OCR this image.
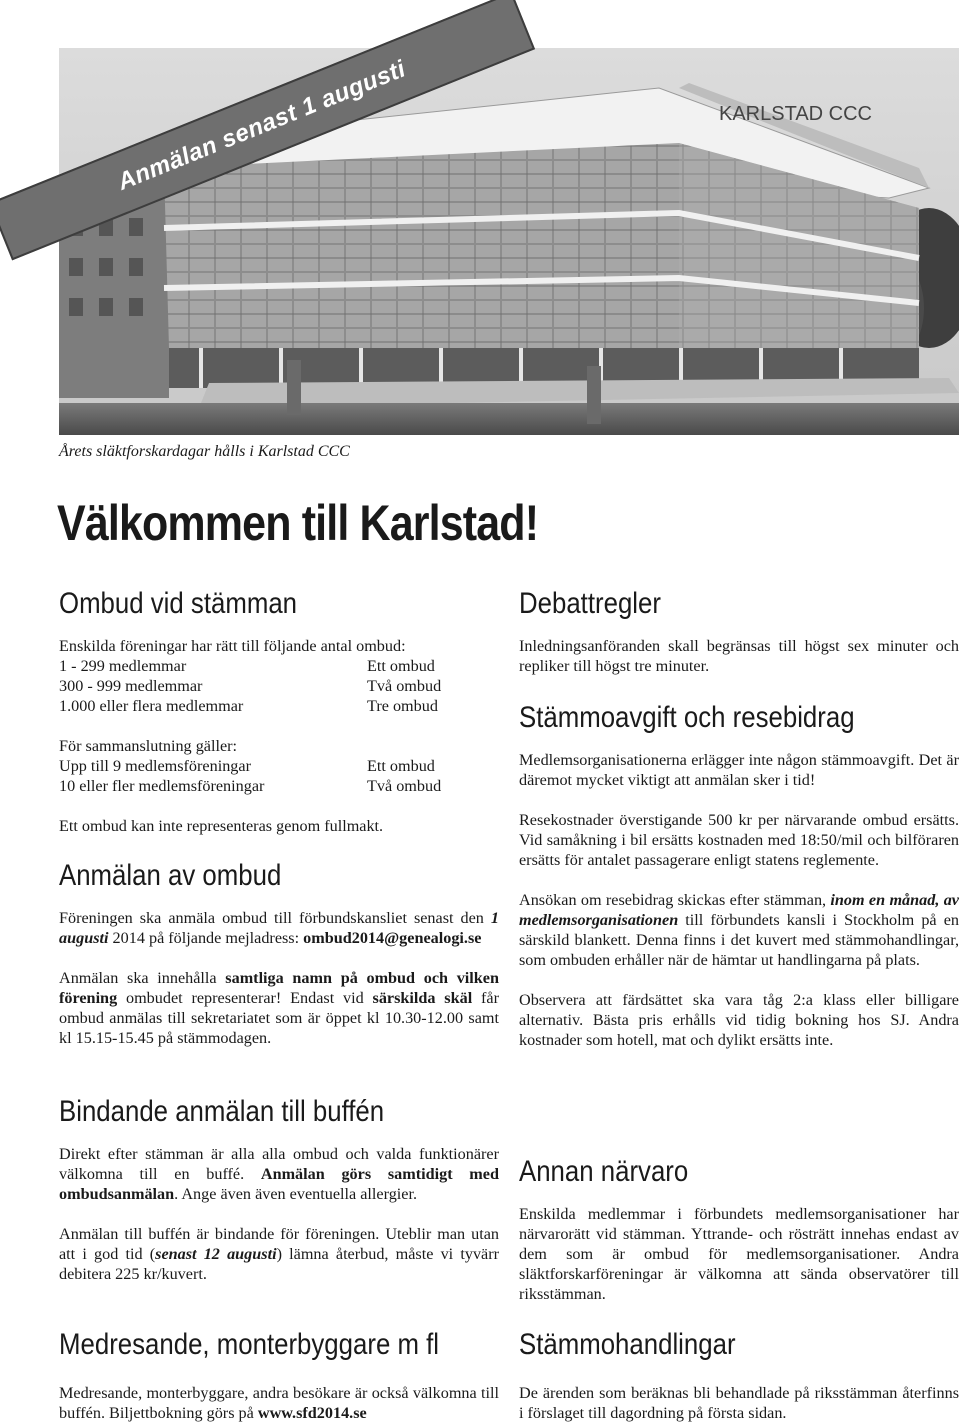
Anmälan senast 1 augusti	KARLSTAD CCC
Årets släktforskardagar hålls i Karlstad CCC
Välkommen till Karlstad!
Ombud vid stämman

Enskilda föreningar har rätt till följande antal ombud:

1 - 299 medlemmar	Ett ombud
300 - 999 medlemmar	Två ombud
1.000 eller flera medlemmar	Tre ombud

För sammanslutning gäller:

Upp till 9 medlemsföreningar	Ett ombud
10 eller fler medlemsföreningar	Två ombud

Ett ombud kan inte representeras genom fullmakt.

Anmälan av ombud

Föreningen ska anmäla ombud till förbundskansliet senast den 1 augusti 2014 på följande mejladress: ombud2014@genealogi.se

Anmälan ska innehålla samtliga namn på ombud och vilken förening ombudet representerar! Endast vid särskilda skäl får ombud anmälas till sekretariatet som är öppet kl 10.30-12.00 samt kl 15.15-15.45 på stämmodagen.

Bindande anmälan till buffén

Direkt efter stämman är alla alla ombud och valda funktionärer välkomna till en buffé. Anmälan görs samtidigt med ombudsanmälan. Ange även även eventuella allergier.

Anmälan till buffén är bindande för föreningen. Uteblir man utan att i god tid (senast 12 augusti) lämna återbud, måste vi tyvärr debitera 225 kr/kuvert.

Medresande, monterbyggare m fl

Medresande, monterbyggare, andra besökare är också välkomna till buffén. Biljettbokning görs på www.sfd2014.se

Debattregler

Inledningsanföranden skall begränsas till högst sex minuter och repliker till högst tre minuter.

Stämmoavgift och resebidrag

Medlemsorganisationerna erlägger inte någon stämmoavgift. Det är däremot mycket viktigt att anmälan sker i tid!

Resekostnader överstigande 500 kr per närvarande ombud ersätts. Vid samåkning i bil ersätts kostnaden med 18:50/mil och bilföraren ersätts för antalet passagerare enligt statens reglemente.

Ansökan om resebidrag skickas efter stämman, inom en månad, av medlemsorganisationen till förbundets kansli i Stockholm på en särskild blankett. Denna finns i det kuvert med stämmohandlingar, som ombuden erhåller när de hämtar ut handlingarna på plats.

Observera att färdsättet ska vara tåg 2:a klass eller billigare alternativ. Bästa pris erhålls vid tidig bokning hos SJ. Andra kostnader som hotell, mat och dylikt ersätts inte.

Annan närvaro

Enskilda medlemmar i förbundets medlemsorganisationer har närvarorätt vid stämman. Yttrande- och rösträtt innehas endast av dem som är ombud för medlemsorganisationer. Andra släktforskarföreningar är välkomna att sända observatörer till riksstämman.

Stämmohandlingar

De ärenden som beräknas bli behandlade på riksstämman återfinns i förslaget till dagordning på första sidan.
